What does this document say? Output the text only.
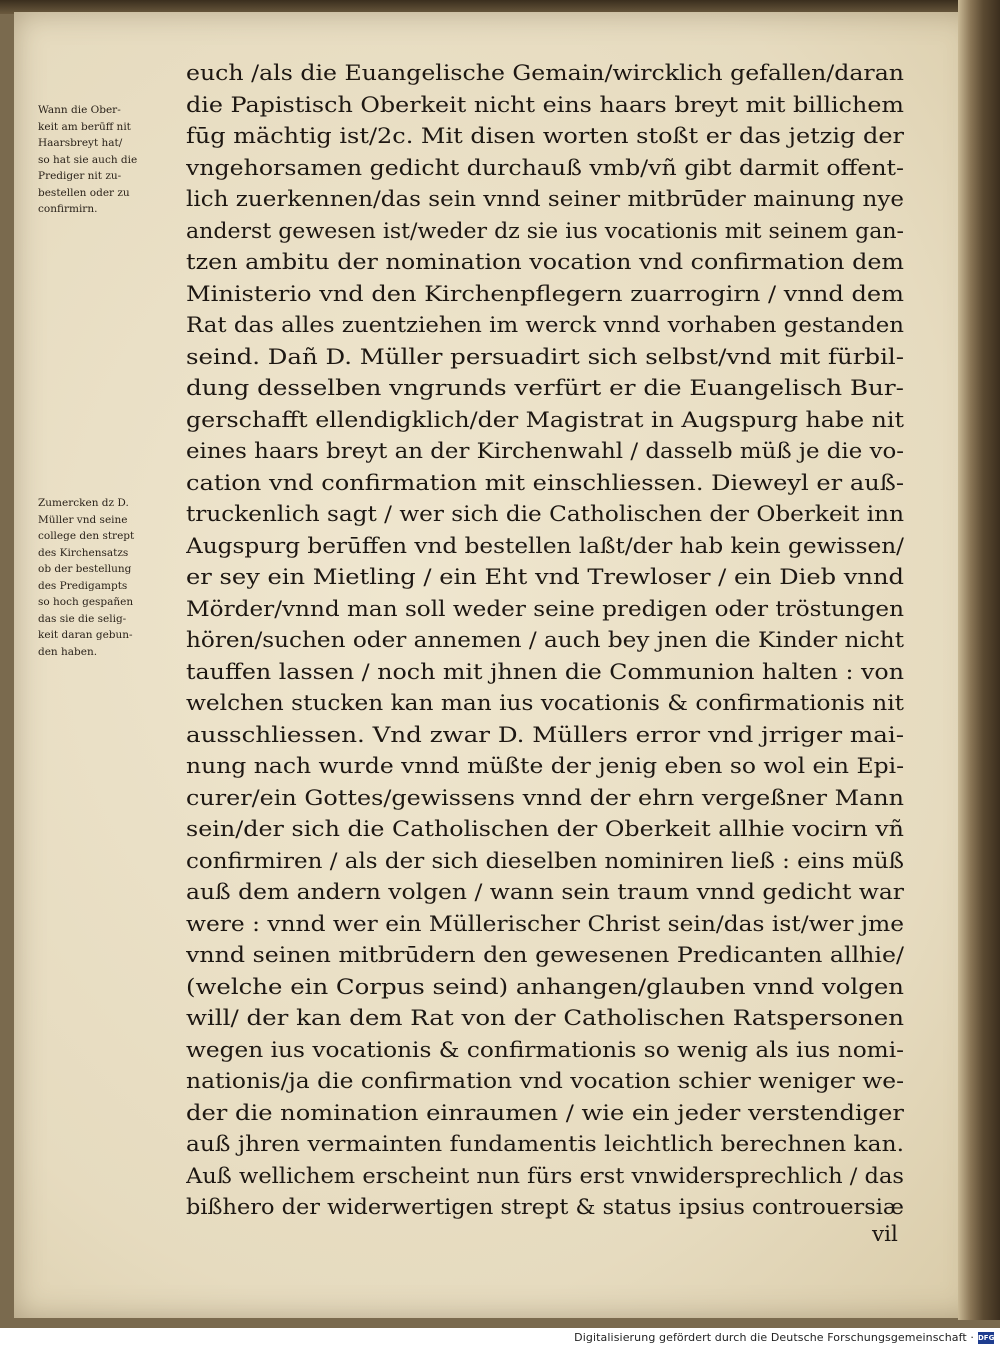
euch /als die Euangelische Gemain/wircklich gefallen/daran
die Papistisch Oberkeit nicht eins haars breyt mit billichem
fūg mächtig ist/2c. Mit disen worten stoßt er das jetzig der
vngehorsamen gedicht durchauß vmb/vñ gibt darmit offent-
lich zuerkennen/das sein vnnd seiner mitbrūder mainung nye
anderst gewesen ist/weder dz sie ius vocationis mit seinem gan-
tzen ambitu der nomination vocation vnd confirmation dem
Ministerio vnd den Kirchenpflegern zuarrogirn / vnnd dem
Rat das alles zuentziehen im werck vnnd vorhaben gestanden
seind. Dañ D. Müller persuadirt sich selbst/vnd mit fürbil-
dung desselben vngrunds verfürt er die Euangelisch Bur-
gerschafft ellendigklich/der Magistrat in Augspurg habe nit
eines haars breyt an der Kirchenwahl / dasselb müß je die vo-
cation vnd confirmation mit einschliessen. Dieweyl er auß-
truckenlich sagt / wer sich die Catholischen der Oberkeit inn
Augspurg berūffen vnd bestellen laßt/der hab kein gewissen/
er sey ein Mietling / ein Eht vnd Trewloser / ein Dieb vnnd
Mörder/vnnd man soll weder seine predigen oder tröstungen
hören/suchen oder annemen / auch bey jnen die Kinder nicht
tauffen lassen / noch mit jhnen die Communion halten : von
welchen stucken kan man ius vocationis & confirmationis nit
ausschliessen. Vnd zwar D. Müllers error vnd jrriger mai-
nung nach wurde vnnd müßte der jenig eben so wol ein Epi-
curer/ein Gottes/gewissens vnnd der ehrn vergeßner Mann
sein/der sich die Catholischen der Oberkeit allhie vocirn vñ
confirmiren / als der sich dieselben nominiren ließ : eins müß
auß dem andern volgen / wann sein traum vnnd gedicht war
were : vnnd wer ein Müllerischer Christ sein/das ist/wer jme
vnnd seinen mitbrūdern den gewesenen Predicanten allhie/
(welche ein Corpus seind) anhangen/glauben vnnd volgen
will/ der kan dem Rat von der Catholischen Ratspersonen
wegen ius vocationis & confirmationis so wenig als ius nomi-
nationis/ja die confirmation vnd vocation schier weniger we-
der die nomination einraumen / wie ein jeder verstendiger
auß jhren vermainten fundamentis leichtlich berechnen kan.
Auß wellichem erscheint nun fürs erst vnwidersprechlich / das
bißhero der widerwertigen strept & status ipsius controuersiæ
Wann die Ober-
keit am berūff nit
Haarsbreyt hat/
so hat sie auch die
Prediger nit zu-
bestellen oder zu
confirmirn.
Zumercken dz D.
Müller vnd seine
college den strept
des Kirchensatzs
ob der bestellung
des Predigampts
so hoch gespañen
das sie die selig-
keit daran gebun-
den haben.
vil
Digitalisierung gefördert durch die Deutsche Forschungsgemeinschaft · DFG
